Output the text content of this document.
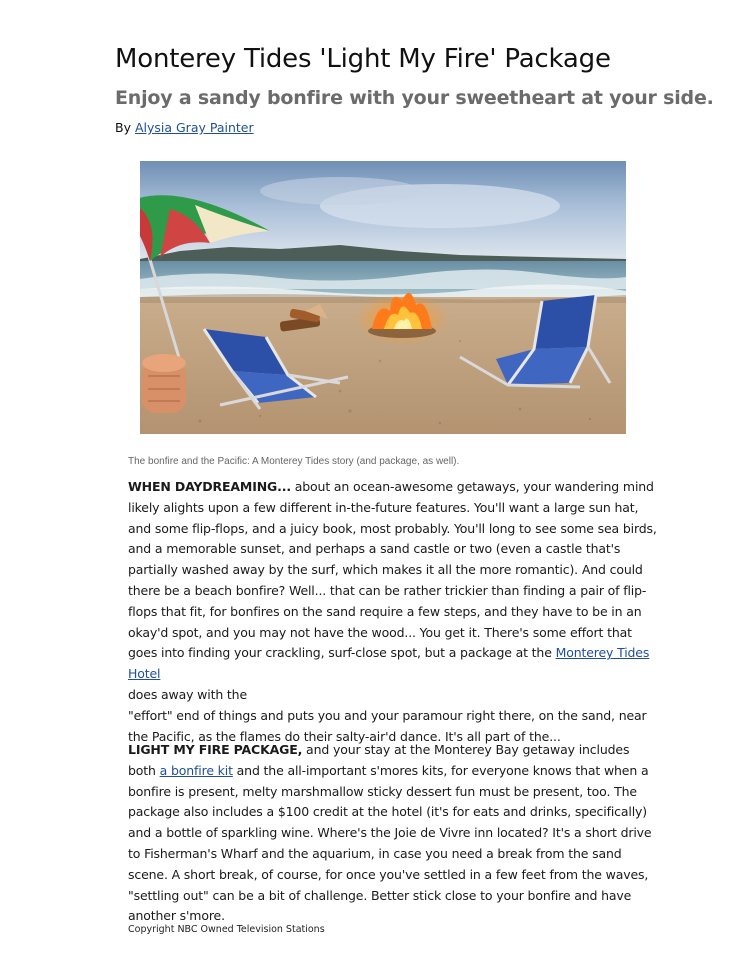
Monterey Tides 'Light My Fire' Package
Enjoy a sandy bonfire with your sweetheart at your side.
By Alysia Gray Painter
The bonfire and the Pacific: A Monterey Tides story (and package, as well).

WHEN DAYDREAMING... about an ocean-awesome getaways, your wandering mind likely alights upon a few different in-the-future features. You'll want a large sun hat, and some flip-flops, and a juicy book, most probably. You'll long to see some sea birds, and a memorable sunset, and perhaps a sand castle or two (even a castle that's partially washed away by the surf, which makes it all the more romantic). And could there be a beach bonfire? Well... that can be rather trickier than finding a pair of flip-flops that fit, for bonfires on the sand require a few steps, and they have to be in an okay'd spot, and you may not have the wood... You get it. There's some effort that goes into finding your crackling, surf-close spot, but a package at the Monterey Tides Hotel
does away with the
"effort" end of things and puts you and your paramour right there, on the sand, near the Pacific, as the flames do their salty-air'd dance. It's all part of the...

LIGHT MY FIRE PACKAGE, and your stay at the Monterey Bay getaway includes both a bonfire kit and the all-important s'mores kits, for everyone knows that when a bonfire is present, melty marshmallow sticky dessert fun must be present, too. The package also includes a $100 credit at the hotel (it's for eats and drinks, specifically) and a bottle of sparkling wine. Where's the Joie de Vivre inn located? It's a short drive to Fisherman's Wharf and the aquarium, in case you need a break from the sand scene. A short break, of course, for once you've settled in a few feet from the waves, "settling out" can be a bit of challenge. Better stick close to your bonfire and have another s'more.

Copyright NBC Owned Television Stations
